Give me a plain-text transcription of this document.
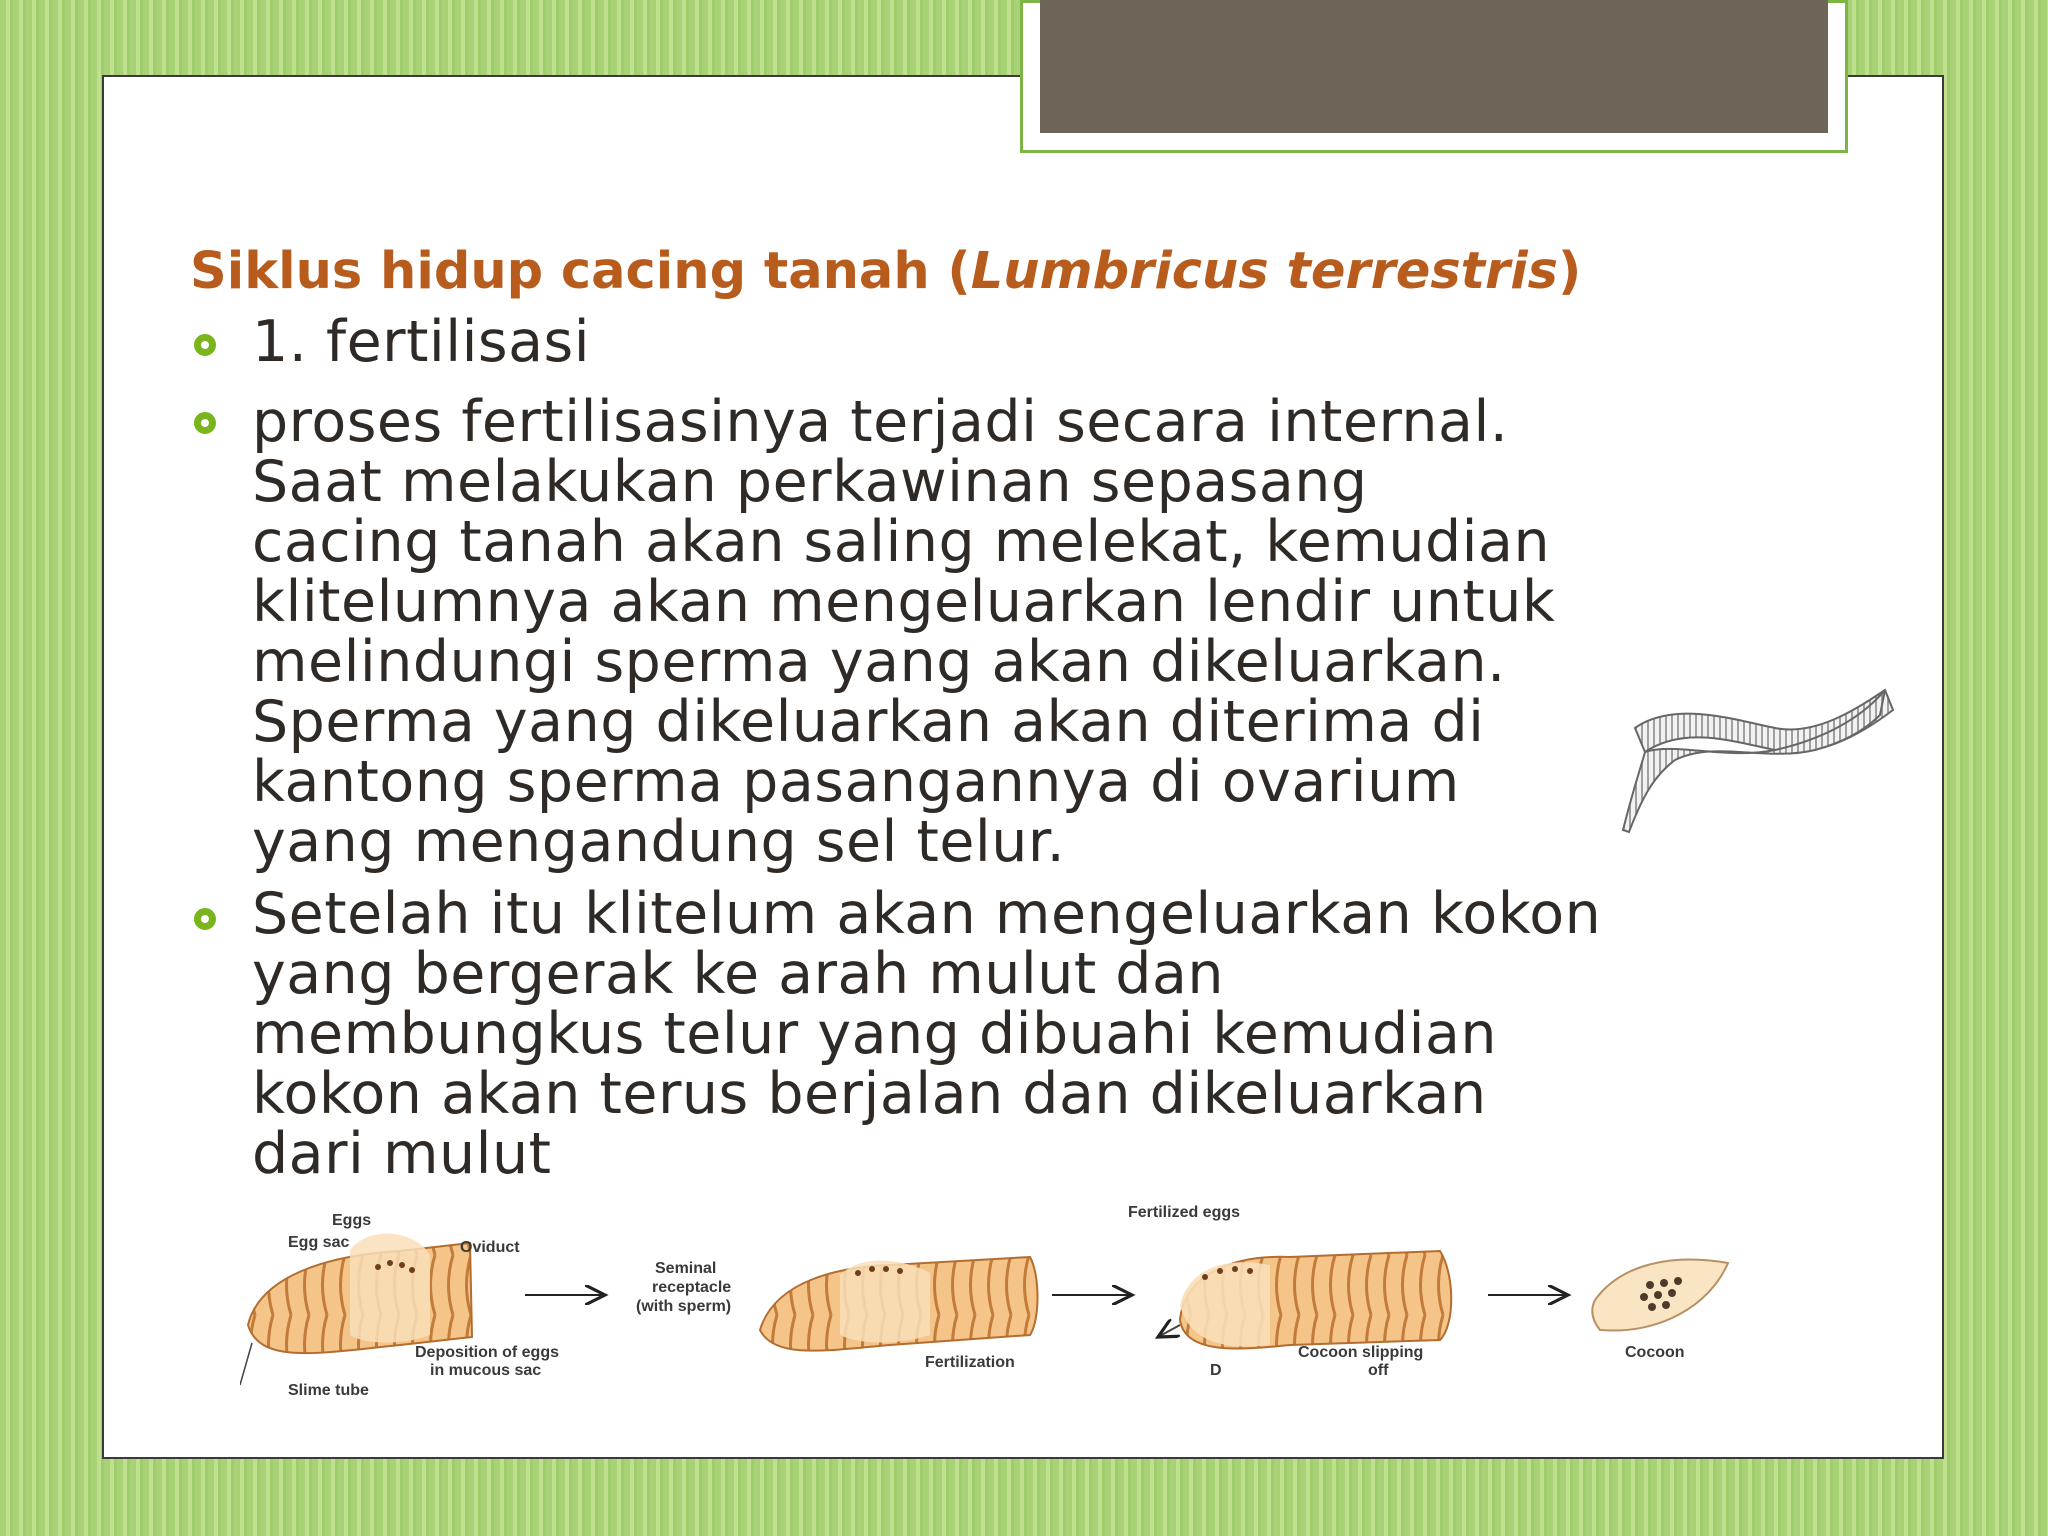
Siklus hidup cacing tanah (Lumbricus terrestris)
1. fertilisasi
proses fertilisasinya terjadi secara internal.
Saat melakukan perkawinan sepasang
cacing tanah akan saling melekat, kemudian
klitelumnya akan mengeluarkan lendir untuk
melindungi sperma yang akan dikeluarkan.
Sperma yang dikeluarkan akan diterima di
kantong sperma pasangannya di ovarium
yang mengandung sel telur.
Setelah itu klitelum akan mengeluarkan kokon
yang bergerak ke arah mulut dan
membungkus telur yang dibuahi kemudian
kokon akan terus berjalan dan dikeluarkan
dari mulut
Eggs
Egg sac	Oviduct
Deposition of eggs
in mucous sac
Slime tube
Seminal
receptacle
(with sperm)
Fertilization
Fertilized eggs
Cocoon slipping
off
D
Cocoon
